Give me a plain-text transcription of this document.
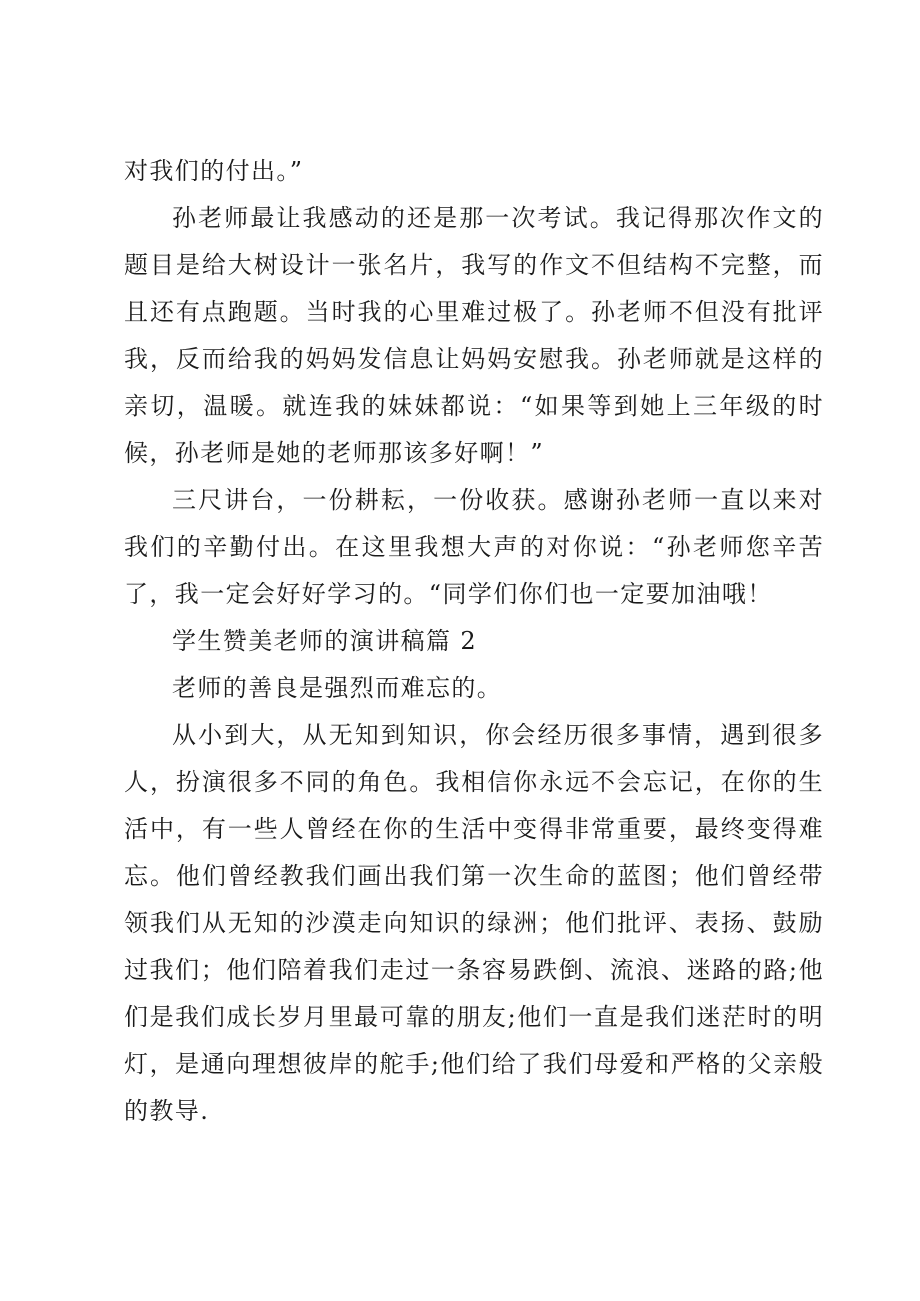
对我们的付出。”

孙老师最让我感动的还是那一次考试。我记得那次作文的题目是给大树设计一张名片，我写的作文不但结构不完整，而且还有点跑题。当时我的心里难过极了。孙老师不但没有批评我，反而给我的妈妈发信息让妈妈安慰我。孙老师就是这样的亲切，温暖。就连我的妹妹都说：“如果等到她上三年级的时候，孙老师是她的老师那该多好啊！”

三尺讲台，一份耕耘，一份收获。感谢孙老师一直以来对我们的辛勤付出。在这里我想大声的对你说：“孙老师您辛苦了，我一定会好好学习的。“同学们你们也一定要加油哦！

学生赞美老师的演讲稿篇 2

老师的善良是强烈而难忘的。

从小到大，从无知到知识，你会经历很多事情，遇到很多人，扮演很多不同的角色。我相信你永远不会忘记，在你的生活中，有一些人曾经在你的生活中变得非常重要，最终变得难忘。他们曾经教我们画出我们第一次生命的蓝图；他们曾经带领我们从无知的沙漠走向知识的绿洲；他们批评、表扬、鼓励过我们；他们陪着我们走过一条容易跌倒、流浪、迷路的路;他们是我们成长岁月里最可靠的朋友;他们一直是我们迷茫时的明灯，是通向理想彼岸的舵手;他们给了我们母爱和严格的父亲般的教导.
